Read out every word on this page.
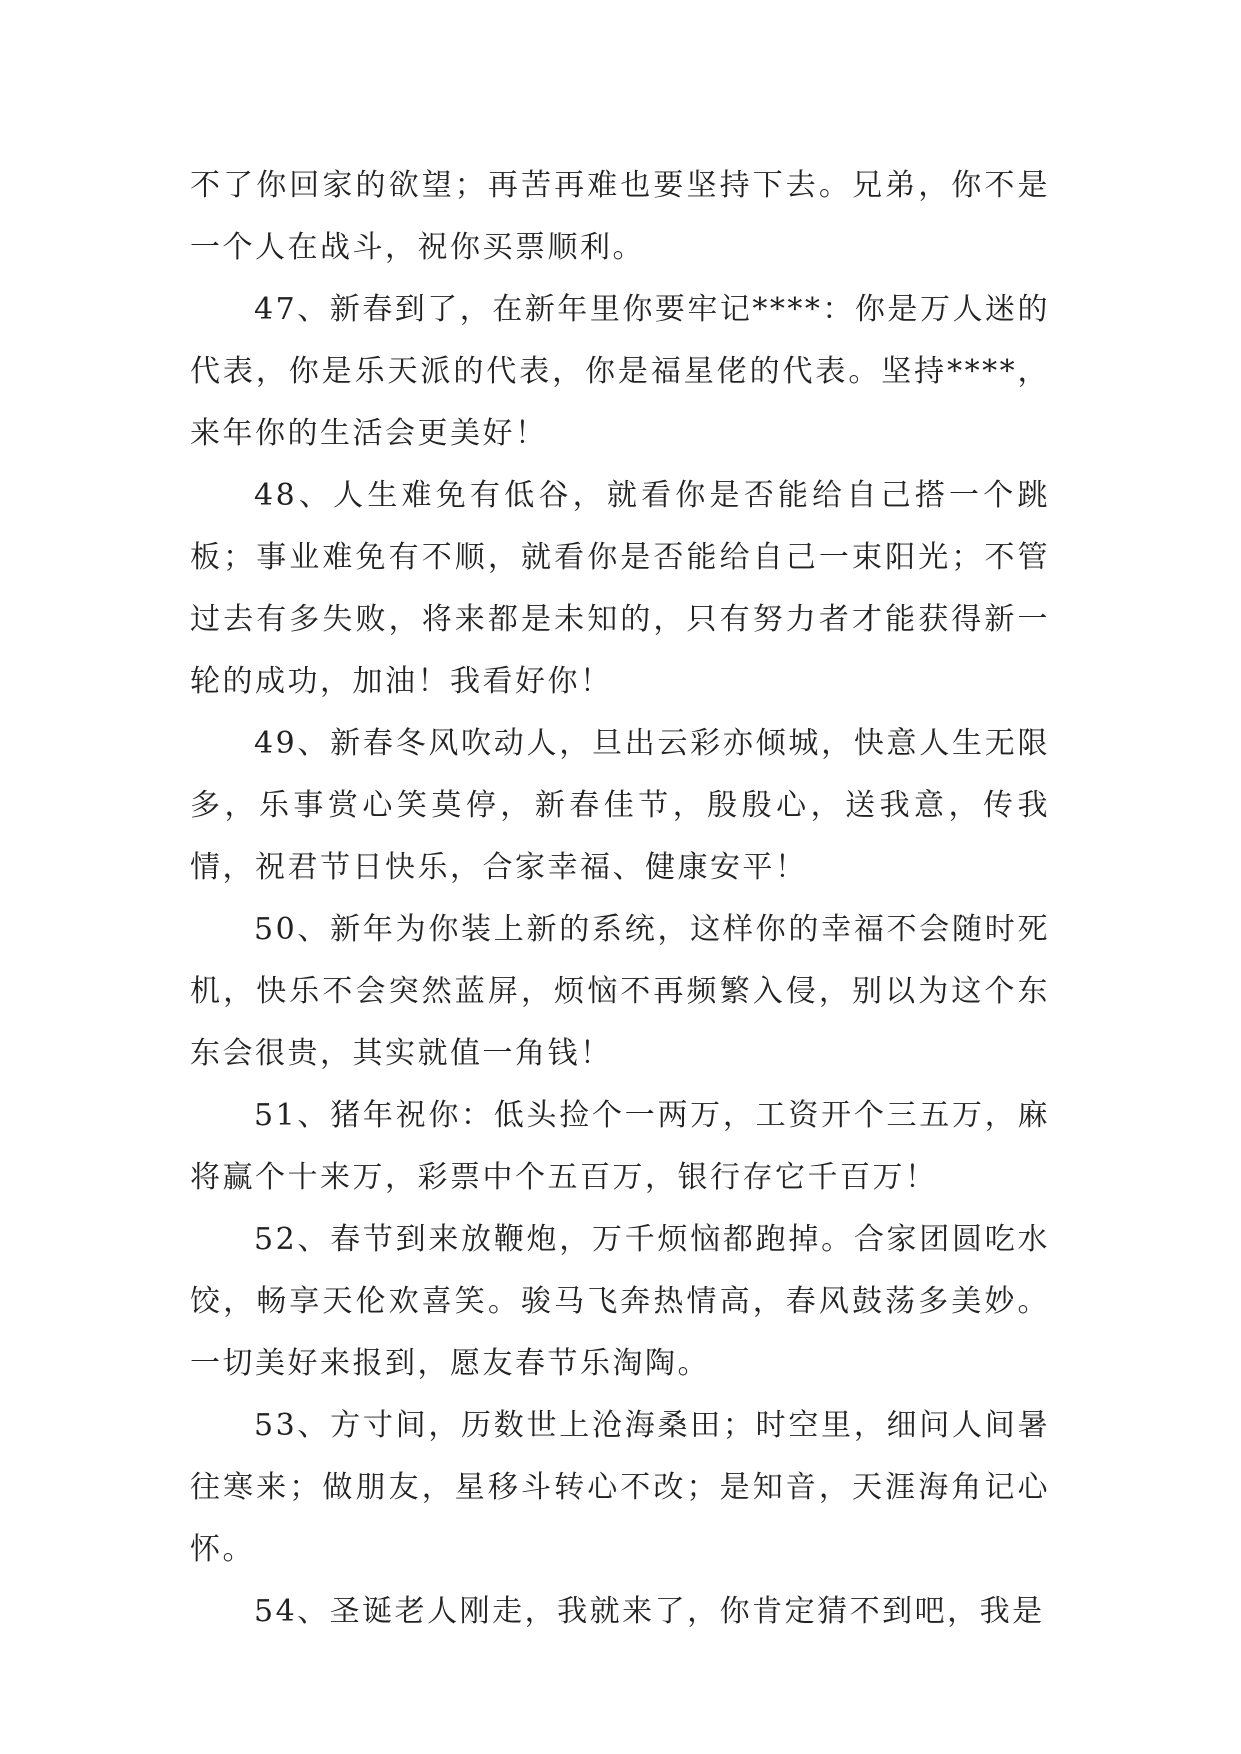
不了你回家的欲望；再苦再难也要坚持下去。兄弟，你不是一个人在战斗，祝你买票顺利。

47、新春到了，在新年里你要牢记****：你是万人迷的代表，你是乐天派的代表，你是福星佬的代表。坚持****，来年你的生活会更美好！

48、人生难免有低谷，就看你是否能给自己搭一个跳板；事业难免有不顺，就看你是否能给自己一束阳光；不管过去有多失败，将来都是未知的，只有努力者才能获得新一轮的成功，加油！我看好你！

49、新春冬风吹动人，旦出云彩亦倾城，快意人生无限多，乐事赏心笑莫停，新春佳节，殷殷心，送我意，传我情，祝君节日快乐，合家幸福、健康安平！

50、新年为你装上新的系统，这样你的幸福不会随时死机，快乐不会突然蓝屏，烦恼不再频繁入侵，别以为这个东东会很贵，其实就值一角钱！

51、猪年祝你：低头捡个一两万，工资开个三五万，麻将赢个十来万，彩票中个五百万，银行存它千百万！

52、春节到来放鞭炮，万千烦恼都跑掉。合家团圆吃水饺，畅享天伦欢喜笑。骏马飞奔热情高，春风鼓荡多美妙。一切美好来报到，愿友春节乐淘陶。

53、方寸间，历数世上沧海桑田；时空里，细问人间暑往寒来；做朋友，星移斗转心不改；是知音，天涯海角记心怀。

54、圣诞老人刚走，我就来了，你肯定猜不到吧，我是
